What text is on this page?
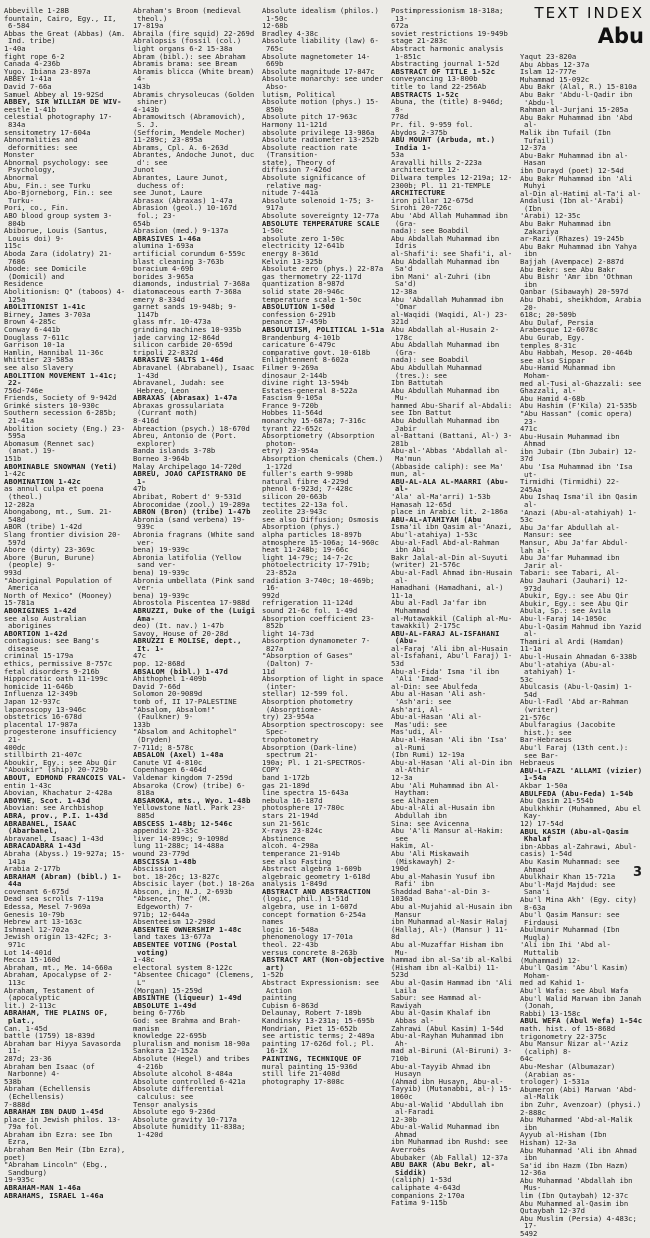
TEXT INDEX
Abu
Abbeville 1-28B
fountain, Cairo, Egy., II, 6-584
Abbas the Great (Abbas) (Am. Ind. tribe)
1-40a
fight rope 6-2
Canada 4-236b
Yugo. Ibiana 23-897a
ABBEY 1-41a
David 7-66a
Samuel Abbey al 19-92Sd
ABBEY, SIR WILLIAM DE WIV-
eestle 1-41b
celestial photography 17-834a
sensitometry 17-604a
Abnormalities and deformities: see
Monster
Abnormal psychology: see Psychology,
Abnormal
Abu, Fin.: see Turku
Abo-Bjorneborg, Fin.: see Turku-
Pori, co., Fin.
ABO blood group system 3-804b
Abiborue, Louis (Santus, Louis doi) 9-
115c
Aboda Zara (idolatry) 21-7686
Abode: see Domicile (Domicil) and
Residence
Abolitionism: Q" (taboos) 4-125a
ABOLITIONIST 1-41c
Birney, James 3-703a
Brown 4-285c
Conway 6-441b
Douglass 7-611c
Garrison 10-1a
Hamlin, Hannibal 11-36c
Whittier 23-585a
see also Slavery
ABOLITION MOVEMENT 1-41c; 22-
756d-746e
Friends, Society of 9-942d
Grimké sisters 10-930c
Southern secession 6-285b; 21-41a
Abolition society (Eng.) 23-595a
Abomasum (Rennet sac) (anat.) 19-
151b
ABOMINABLE SNOWMAN (Yeti)
1-42c
ABOMINATION 1-42c
as annul culpa et poena (theol.)
12-282a
Abongabong, mt., Sum. 21-548d
ABOR (tribe) 1-42d
Slang frontier division 20-597d
Abore (dirty) 23-369c
Abore (Burun, Burune) (people) 9-
993d
"Aboriginal Population of America
North of Mexico" (Mooney)
15-781a
ABORIGINES 1-42d
see also Australian aborigines
ABORTION 1-42d
contagious: see Bang's disease
criminal 15-179a
ethics, permissive 8-757c
fetal disorders 9-216b
Hippocratic oath 11-199c
homicide 11-646b
Influenza 12-349b
Japan 12-937c
laparoscopy 13-946c
obstetrics 16-678d
placental 17-987a
progesterone insufficiency 21-
400dc
stillbirth 21-407c
Aboukir, Egy.: see Abu Qir
"Aboukir" (ship) 20-729b
ABOUT, EDMOND FRANCOIS VAL-
entin 1-43c
Abovian, Khachatur 2-428a
ABOYNE, Scot. 1-43d
Abovian: see Archbishop
ABRA, prov., P.I. 1-43d
ABRABANEL, ISAAC (Abarbanel,
Abravanel, Isaac) 1-43d
ABRACADABRA 1-43d
Abraha (Abyss.) 19-927a; 15-141a
Arabia 2-177b
ABRAHAM (Abram) (bibl.) 1-44a
covenant 6-675d
Dead sea scrolls 7-119a
Edessa, Mesel 7-969a
Genesis 10-79b
Hebrew art 13-163c
Ishmael 12-702a
Jewish origin 13-42Fc; 3-971c
Lot 14-401d
Mecca 15-160d
Abraham, mt., Me. 14-660a
Abraham, Apocalypse of 2-113c
Abraham, Testament of (apocalyptic
lit.) 2-113c
ABRAHAM, THE PLAINS OF, plat.,
Can. 1-45d
battle (1759) 18-839d
Abraham bar Hiyya Savasorda 11-
287d; 23-36
Abraham ben Isaac (of Narbonne) 4-
538b
Abraham (Echellensis (Echellensis)
7-888d
ABRAHAM IBN DAUD 1-45d
place in Jewish philos. 13-79a fol.
Abraham ibn Ezra: see Ibn Ezra,
Abraham Ben Meir (Ibn Ezra),
poet)
"Abraham Lincoln" (Ebg., Sandburg)
19-935c
ABRAHAM-MAN 1-46a
ABRAHAMS, ISRAEL 1-46a
Abraham's Broom (medieval theol.)
17-819a
Abraila (fire squid) 22-269d
Abralopsis (fossil (col.)
light organs 6-2 15-38a
Abram (bibl.): see Abraham
Abramis brama: see Bream
Abramis blicca (White bream) 4-
143b
Abramis chrysoleucas (Golden shiner)
4-143b
Abramowitsch (Abramovich), S. J.
(Sefforim, Mendele Mocher)
11-289c; 23-895a
Abrams, Cpl. A. 6-263d
Abrantes, Andoche Junot, duc d': see
Junot
Abrantes, Laure Junot, duchess of:
see Junot, Laure
Abrasax (Abraxas) 1-47a
Abrasion (geol.) 10-167d fol.; 23-
654b
Abrasion (med.) 9-137a
ABRASIVES 1-46a
alumina 1-693a
artificial corundum 6-559c
blast cleaning 3-763b
boracium 4-69b
borides 3-965a
diamonds, industrial 7-368a
diatomaceous earth 7-368a
emery 8-334d
garnet sands 19-948b; 9-1147b
glass mfr. 10-473a
grinding machines 10-935b
jade carving 12-864d
silicon carbide 20-659d
tripoli 22-832d
ABRASIVE SALTS 1-46d
Abravanel (Abrabanel), Isaac 1-43d
Abravanel, Judah: see Hebreo, Leon
ABRAXAS (Abrasax) 1-47a
Abraxas grossulariata (Currant moth)
8-416d
Abreaction (psych.) 18-670d
Abreu, Antonio de (Port. explorer)
Banda islands 3-78b
Borneo 3-964b
Malay Archipelago 14-720d
ABREU, JOAO CAPISTRANO DE 1-
47b
Abribat, Robert d' 9-531d
Abrocomidae (zool.) 19-289a
ABRON (Bron) (tribe) 1-47b
Abronia (sand verbena) 19-939c
Abronia fragrans (White sand ver-
bena) 19-939c
Abronia latifolia (Yellow sand ver-
bena) 19-939c
Abronia umbellata (Pink sand ver-
bena) 19-939c
Abrostola Piscentea 17-988d
ABRUZZI, Duke of the (Luigi Ama-
deo) (It. nav.) 1-47b
Savoy, House of 20-28d
ABRUZZI E MOLISE, dept., It. 1-
47c
pop. 12-868d
ABSALOM (bibl.) 1-47d
Ahithophel 1-409b
David 7-66d
Solomon 20-9089d
tomb of, II 17-PALESTINE
"Absalom, Absalom!" (Faulkner) 9-
133b
"Absalom and Achitophel" (Dryden)
7-711d; 8-578c
ABSALON (Axel) 1-48a
Canute VI 4-810c
Copenhagen 6-464d
Valdemar kingdom 7-259d
Absaroka (Crow) (tribe) 6-818a
ABSAROKA, mts., Wyo. 1-48b
Yellowstone Natl. Park 23-885d
ABSCESS 1-48b; 12-546c
appendix 21-35c
liver 14-899c; 9-1098d
lung 11-288c; 14-488a
wound 23-779d
ABSCISSA 1-48b
Abscission
bot. 18-26c; 13-827c
Abscisic layer (bot.) 18-26a
Abscon, in; N.J. 2-693b
"Absence, The" (M. Edgeworth) 7-
971b; 12-644a
Absenteeism 12-298d
ABSENTEE OWNERSHIP 1-48c
land taxes 13-677a
ABSENTEE VOTING (Postal voting)
1-48c
electoral system 8-122c
"Absentee Chicago" (Clemens, L"
(Morgan) 15-259d
ABSINTHE (liqueur) 1-49d
ABSOLUTE 1-49d
being 6-776b
God: see Brahma and Brah-
manism
knowledge 22-695b
pluralism and monism 18-90a
Sankara 12-152a
Absolute (Hegel) and tribes 4-216b
Absolute alcohol 8-484a
Absolute controlled 6-421a
Absolute differential calculus: see
Tensor analysis
Absolute ego 9-236d
Absolute gravity 10-717a
Absolute humidity 11-838a; 1-420d
Absolute idealism (philos.) 1-50c
12-68b
Bradley 4-38c
Absolute liability (law) 6-765c
Absolute magnetometer 14-669b
Absolute magnitude 17-847c
Absolute monarchy: see under Abso-
lutism, Political
Absolute motion (phys.) 15-850b
Absolute pitch 17-963c
Harmony 11-121d
absolute privilege 13-986a
Absolute radiometer 13-252b
Absolute reaction rate (Transition-
state), Theory of
diffusion 7-426d
Absolute significance of relative mag-
nitude 7-441a
Absolute solenoid 1-75; 3-917a
Absolute sovereignty 12-77a
ABSOLUTE TEMPERATURE SCALE
1-50c
absolute zero 1-50c
electricity 12-641b
energy 8-361d
Kelvin 13-325b
Absolute zero (phys.) 22-87a
gas thermometry 22-117d
quantization 8-987d
solid state 20-946c
temperature scale 1-50c
ABSOLUTION 1-50d
confession 6-291b
penance 17-459b
ABSOLUTISM, POLITICAL 1-51a
Brandenburg 4-101b
caricature 6-479c
comparative govt. 10-618b
Enlightenment 8-602a
Filmer 9-269a
dinosaur 2-144b
divine right 13-594b
Estates-general 8-522a
Fascism 9-105a
France 9-720b
Hobbes 11-564d
monarchy 15-687a; 7-316c
tyrant 22-652c
Absorptiometry (Absorption photom-
etry) 23-954a
Absorption chemicals (Chem.) 1-172d
fuller's earth 9-998b
natural fibre 4-229d
phenol 6-923d; 7-428c
silicon 20-663b
tectites 22-13a fol.
zeolite 23-943c
see also Diffusion; Osmosis
Absorption (phys.)
alpha particles 18-897b
atmosphere 15-106a; 14-960c
heat 11-248b; 19-66c
light 14-79c; 14-7-2c
photoelectricity 17-791b; 23-852a
radiation 3-740c; 10-469b; 16-
992d
refrigeration 11-124d
sound 21-6c fol. 1-49d
Absorption coefficient 23-852b
light 14-73d
Absorption dynamometer 7-827a
"Absorption of Gases" (Dalton) 7-
11d
Absorption of light in space (inter-
stellar) 12-599 fol.
Absorption photometry (Absorptiome-
try) 23-954a
Absorption spectroscopy: see Spec-
trophotometry
Absorption (Dark-line) spectrum 21-
190a; Pl. 1 21-SPECTROS-
COPY
band 1-172b
gas 21-189d
line spectra 15-643a
nebula 16-187d
photosphere 17-780c
stars 21-194d
sun 21-561c
X-rays 23-824c
Abstinence
alcoh. 4-298a
temperance 21-914b
see also Fasting
Abstract algebra 1-609b
algebraic geometry 1-618d
analysis 1-849d
ABSTRACT AND ABSTRACTION
(logic, phil.) 1-51d
algebra, use in 1-607d
concept formation 6-254a
names
logic 16-548a
phenomenology 17-701a
theol. 22-43b
versus concrete 8-263b
ABSTRACT ART (Non-objective art)
1-52b
Abstract Expressionism: see Action
painting
Cubism 6-863d
Delaunay, Robert 7-189b
Kandinsky 13-231a; 15-695b
Mondrian, Piet 15-652b
see artistic terms; 2-489a
painting 17-626d fol.; Pl. 16-IX
PAINTING, TECHNIQUE OF
mural painting 15-936d
still life 21-408d
photography 17-808c
Postimpressionism 18-318a; 13-
672a
soviet restrictions 19-949b
stage 21-283c
Abstract harmonic analysis 1-851c
Abstracting journal 1-52d
ABSTRACT OF TITLE 1-52c
conveyancing 13-800b
title to land 22-256Ab
ABSTRACTS 1-52c
Abuna, the (title) 8-946d; 8-
778d
Pr. fil. 9-959 fol.
Abydos 2-375b
ABU MOUNT (Arbuda, mt.) India 1-
53a
Aravalli hills 2-223a
architecture 12-
Dilwara temples 12-219a; 12-
2300b; Pl. 11 21-TEMPLE
ARCHITECTURE
iron pillar 12-675d
Sirohi 20-726c
Abu 'Abd Allah Muhammad ibn (Gra-
nada): see Boabdil
Abu Abdallah Muhammad ibn Idris
al-Shafi'i: see Shafi'i, al-
Abu Abdallah Muhammad ibn Sa'd
ibn Mani' al-Zuhri (ibn Sa'd)
12-38a
Abu 'Abdallah Muhammad ibn 'Omar
al-Waqidi (Waqidi, Al-) 23-
321d
Abu Abdallah al-Husain 2-178c
Abu Abdallah Muhammad ibn (Gra-
nada): see Boabdil
Abu Abdullah Muhammad (tres.): see
Ibn Battutah
Abu Abdullah Muhammad ibn Mu-
hammed Abu-Sharif al-Abdali:
see Ibn Battut
Abu Abdullah Muhammad ibn Jabir
al-Battani (Battani, Al-) 3-
281b
Abu-al-'Abbas 'Abdallah al-Ma'mun
(Abbaside caliph): see Ma'
mun, al-
ABU-AL-ALA AL-MAARRI (Abu-al-
'Ala' al-Ma'arri) 1-53b
Hamasah 12-65d
place in Arabic lit. 2-186a
ABU-AL-ATAHIYAH (Abu
Isma'il ibn Qasim al-'Anazi,
Abu'l-atahiya) 1-53c
Abu-al-Fadl Abd-al-Rahman ibn Abi
Bakr Jalal-al-Din al-Suyuti
(writer) 21-576c
Abu-al-Fadl Ahmad ibn-Husain al-
Hamadhani (Hamadhani, al-)
11-1a
Abu al-Fadl Ja'far ibn Muhammad
al-Mutawakkil (Caliph al-Mu-
tawakkil) 2-175c
ABU-AL-FARAJ AL-ISFAHANI (Abu-
al-Faraj 'Ali ibn al-Husain
al-Isfahani, Abu'l Faraj) 1-
53d
Abu-al-Fida' Isma 'il ibn 'Ali 'Imad-
al-Din: see Abulfeda
Abu al-Hasan 'Ali ash-'Ash'ari: see
Ash'ari, Al-
Abu-al-Hasan 'Ali al-Mas'udi: see
Mas'udi, Al-
Abu-al-Hasan 'Ali ibn 'Isa' al-Rumi
(Ibn Rumi) 12-19a
Abu-al-Hasan 'Ali al-Din ibn al-Athir
12-3a
Abu 'Ali Muhammad ibn Al-Haytham:
see Alhazen
Abu-al-Ali al-Husain ibn Abdullah ibn
Sina: see Avicenna
Abu 'A'li Mansur al-Hakim: see
Hakim, Al-
Abu 'Ali Miskawaih (Miskawayh) 2-
190d
Abu al-Mahasin Yusuf ibn Rafi' ibn
Shaddad Baha'-al-Din 3-
1036a
Abu al-Mujahid al-Husain ibn Mansur
ibn Muhammad al-Nasir Halaj
(Hallaj, Al-) (Mansur ) 11-
8d
Abu al-Muzaffar Hisham ibn Mu-
hammad ibn al-Sa'ib al-Kalbi
(Hisham ibn al-Kalbi) 11-
523d
Abu al-Qasim Hammad ibn 'Ali Laila
Sabur: see Hammad al-
Rawiyah
Abu al-Qasim Khalaf ibn Abbas al-
Zahrawi (Abul Kasim) 1-54d
Abu-al-Rayhan Muhammad ibn Ah-
mad al-Biruni (Al-Biruni) 3-
710b
Abu-al-Tayyib Ahmad ibn Husayn
(Ahmad ibn Husayn, Abu-al-
Tayyib) (Mutanabbi, al-) 15-
1060c
Abu-al-Walid 'Abdullah ibn al-Faradi
12-30b
Abu-al-Walid Muhammad ibn Ahmad
ibn Muhammad ibn Rushd: see
Averroës
Abubaker (Ab Fallal) 12-37a
ABU BAKR (Abu Bekr, al-Siddik)
(caliph) 1-53d
caliphate 4-643d
companions 2-170a
Fatima 9-115b
Yaqut 23-820a
Abu Abbas 12-37a
Islam 12-777e
Muhammad 15-092c
Abu Bakr (Alal, R.) 15-810a
Abu Bakr 'Abdu-l-Qadir ibn 'Abdu-l
Rahman al-Jurjani 15-205a
Abu Bakr Muhammad ibn 'Abd al-
Malik ibn Tufail (Ibn Tufail)
12-37a
Abu-Bakr Muhammad ibn al-Hasan
ibn Durayd (poet) 12-54d
Abu Bakr Muhammad ibn 'Ali Muhyi
al-Din al-Hatimi al-Ta'i al-
Andalusi (Ibn al-'Arabi) (Ibn
'Arabi) 12-35c
Abu Bakr Muhammad ibn Zakariya
ar-Razi (Rhazes) 19-245b
Abu Bakr Muhammad ibn Yahya ibn
Bajjah (Avempace) 2-887d
Abu Bekr: see Abu Bakr
Abu Bishr 'Amr ibn 'Othman ibn
Qanbar (Sibawayh) 20-597d
Abu Dhabi, sheikhdom, Arabia 20-
618c; 20-509b
Abu Dulaf, Persia
Arabesque 12-6078c
Abu Gurab, Egy.
temples 8-31c
Abu Habbah, Mesop. 20-464b
see also Sippar
Abu-Hamid Muhammad ibn Moham-
med al-Tusi al-Ghazzali: see
Ghazzali, al-
Abu Hamid 4-68b
Abu Hashim (F'Kila) 21-535b
"Abu Hassan" (comic opera) 23-
471c
Abu-Husain Muhammad ibn Ahmad
ibn Jubair (Ibn Jubair) 12-
37d
Abu 'Isa Muhammad ibn 'Isa ut-
Tirmidhi (Tirmidhi) 22-
245Aa
Abu Ishaq Isma'il ibn Qasim al-
'Anazi (Abu-al-atahiyah) 1-
53c
Abu Ja'far Abdullah al-Mansur: see
Mansur, Abu Ja'far Abdul-
lah al-
Abu Ja'far Muhammad ibn Jarir al-
Tabari: see Tabari, Al-
Abu Jauhari (Jauhari) 12-973d
Abukir, Egy.: see Abu Qir
Abukir, Egy.: see Abu Qir
Abula, Sp.: see Avila
Abu-l-Faraj 14-1050c
Abu-l-Qasim Mahmud ibn Yazid al-
Thamiri al Ardi (Hamdan)
11-1a
Abu-l-Husain Ahmadan 6-338b
Abu'l-atahiya (Abu-al-atahiyah) 1-
53c
Abulcasis (Abu-l-Qasim) 1-54d
Abu-l-Fadl 'Abd ar-Rahman (writer)
21-576c
Abulfaragius (Jacobite hist.): see
Bar-Hebraeus
Abu'l Faraj (13th cent.): see Bar-
Hebraeus
ABU-L-FAZL 'ALLAMI (vizier) 1-54a
Akbar 1-50a
ABULFEDA (Abu-Feda) 1-54b
Abu Qasim 21-554b
Abulkhkhir (Muhammed, Abu el Kay-
12) 17-54d
ABUL KASIM (Abu-al-Qasim Khalaf
ibn-Abbas al-Zahrawi, Abul-
casis) 1-54d
Abu Kasim Muhammad: see Ahmad
Abulkhair Khan 15-721a
Abu'l-Majd Majdud: see Sana'i
Abu'l Mina Akh' (Egy. city) 8-63a
Abu'l Qasim Mansur: see Firdausi
Abulmunir Muhammad (Ibn Muqla)
'Ali ibn Ihi 'Abd al-Muttalib
(Muhammad) 12-
Abu'l Qasim 'Abu'l Kasim) Moham-
med ad Kahid 1-
Abu'l Wafa: see Abul Wafa
Abu'l Walid Marwan ibn Janah (Jonah,
Rabbi) 13-158c
ABUL WEFA (Abul Wefa) 1-54c
math. hist. of 15-868d
trigonometry 22-375c
Abu Mansur Nizar al-'Aziz (caliph) 8-
64c
Abu-Meshar (Albumazar) (Arabian as-
trologer) 1-531a
Abumeron (Abi) Marwan 'Abd-al-Malik
ibn Zuhr, Avenzoar) (physi.)
2-888c
Abu Muhammed 'Abd-al-Malik ibn
Ayyub al-Hisham (Ibn
Hisham) 12-3a
Abu Muhammad 'Ali ibn Ahmad ibn
Sa'id ibn Hazm (Ibn Hazm)
12-36a
Abu Muhammad 'Abdallah ibn Mus-
lim (Ibn Qutaybah) 12-37c
Abu Muhammed al-Qasim ibn
Qutaybah 12-37d
Abu Muslim (Persia) 4-483c; 17-
5492
3
